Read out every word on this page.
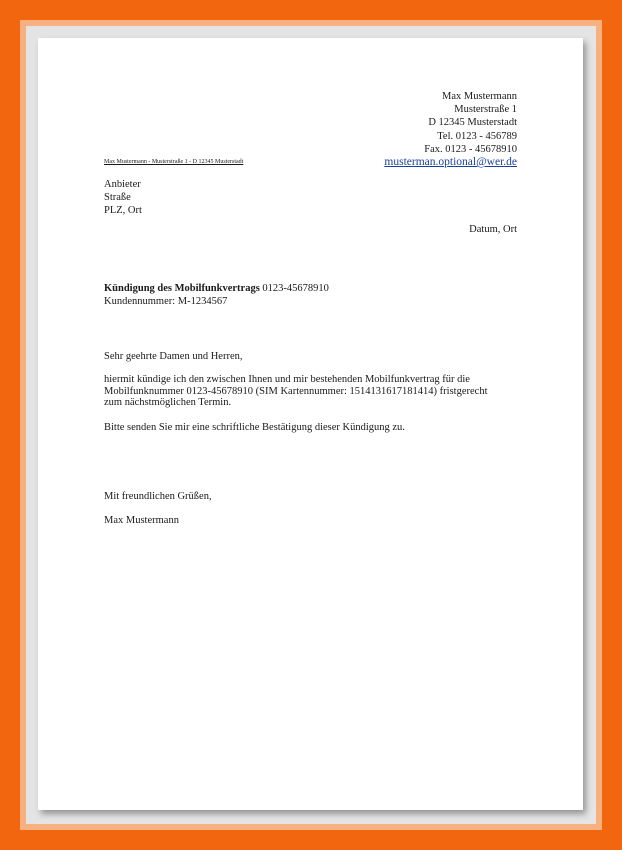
Max Mustermann
Musterstraße 1
D 12345 Musterstadt
Tel. 0123 - 456789
Fax. 0123 - 45678910
musterman.optional@wer.de
Max Mustermann - Musterstraße 1 - D 12345 Musterstadt
Anbieter
Straße
PLZ, Ort
Datum, Ort
Kündigung des Mobilfunkvertrags 0123-45678910
Kundennummer: M-1234567
Sehr geehrte Damen und Herren,
hiermit kündige ich den zwischen Ihnen und mir bestehenden Mobilfunkvertrag für die
Mobilfunknummer 0123-45678910 (SIM Kartennummer: 1514131617181414) fristgerecht
zum nächstmöglichen Termin.
Bitte senden Sie mir eine schriftliche Bestätigung dieser Kündigung zu.
Mit freundlichen Grüßen,
Max Mustermann
